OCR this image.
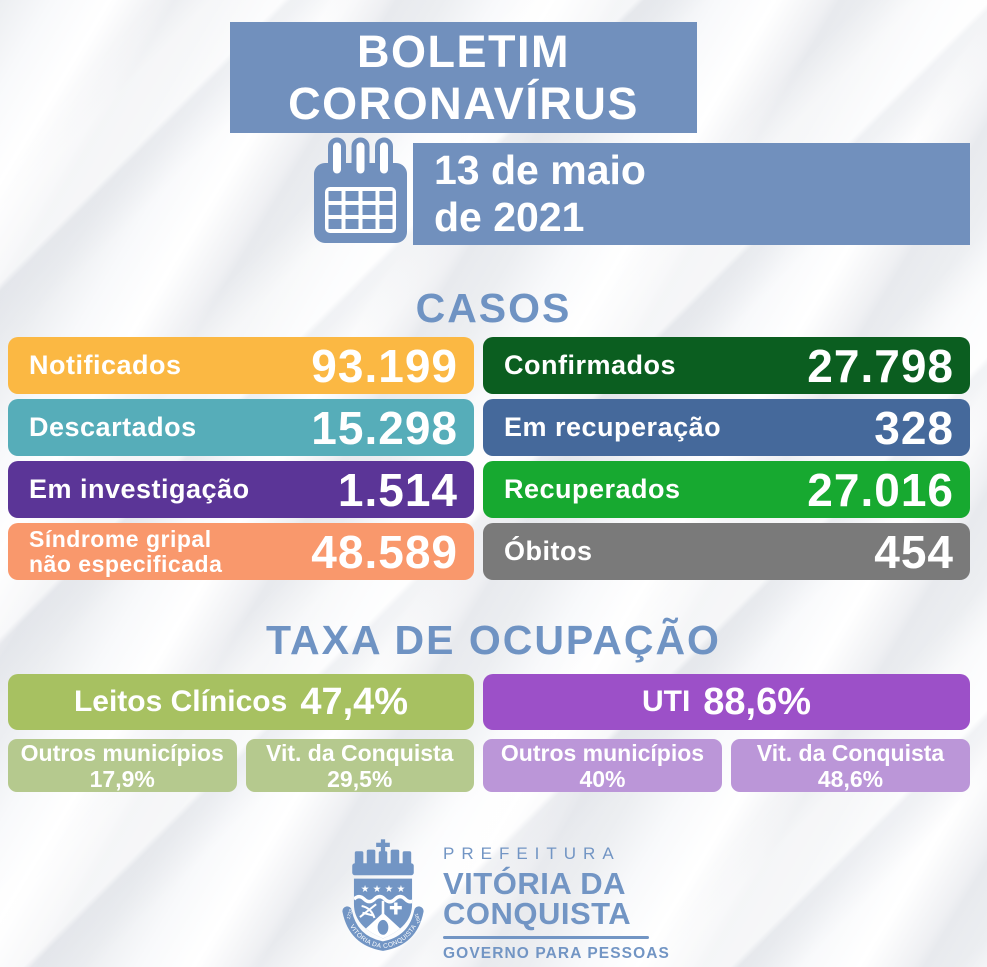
BOLETIM
CORONAVÍRUS
13 de maio
de 2021
CASOS
Notificados	93.199
Descartados 15.298
Em investigação 1.514
Síndrome gripal
não especificada 48.589
Confirmados	27.798
Em recuperação	328
Recuperados	27.016
Óbitos	454
TAXA DE OCUPAÇÃO
Leitos Clínicos 47,4%
Outros municípios
17,9%
Vit. da Conquista
29,5%
UTI 88,6%
Outros municípios
40%
Vit. da Conquista
48,6%
VITÓRIA DA CONQUISTA
1733	1891
PREFEITURA
VITÓRIA DA
CONQUISTA
GOVERNO PARA PESSOAS
